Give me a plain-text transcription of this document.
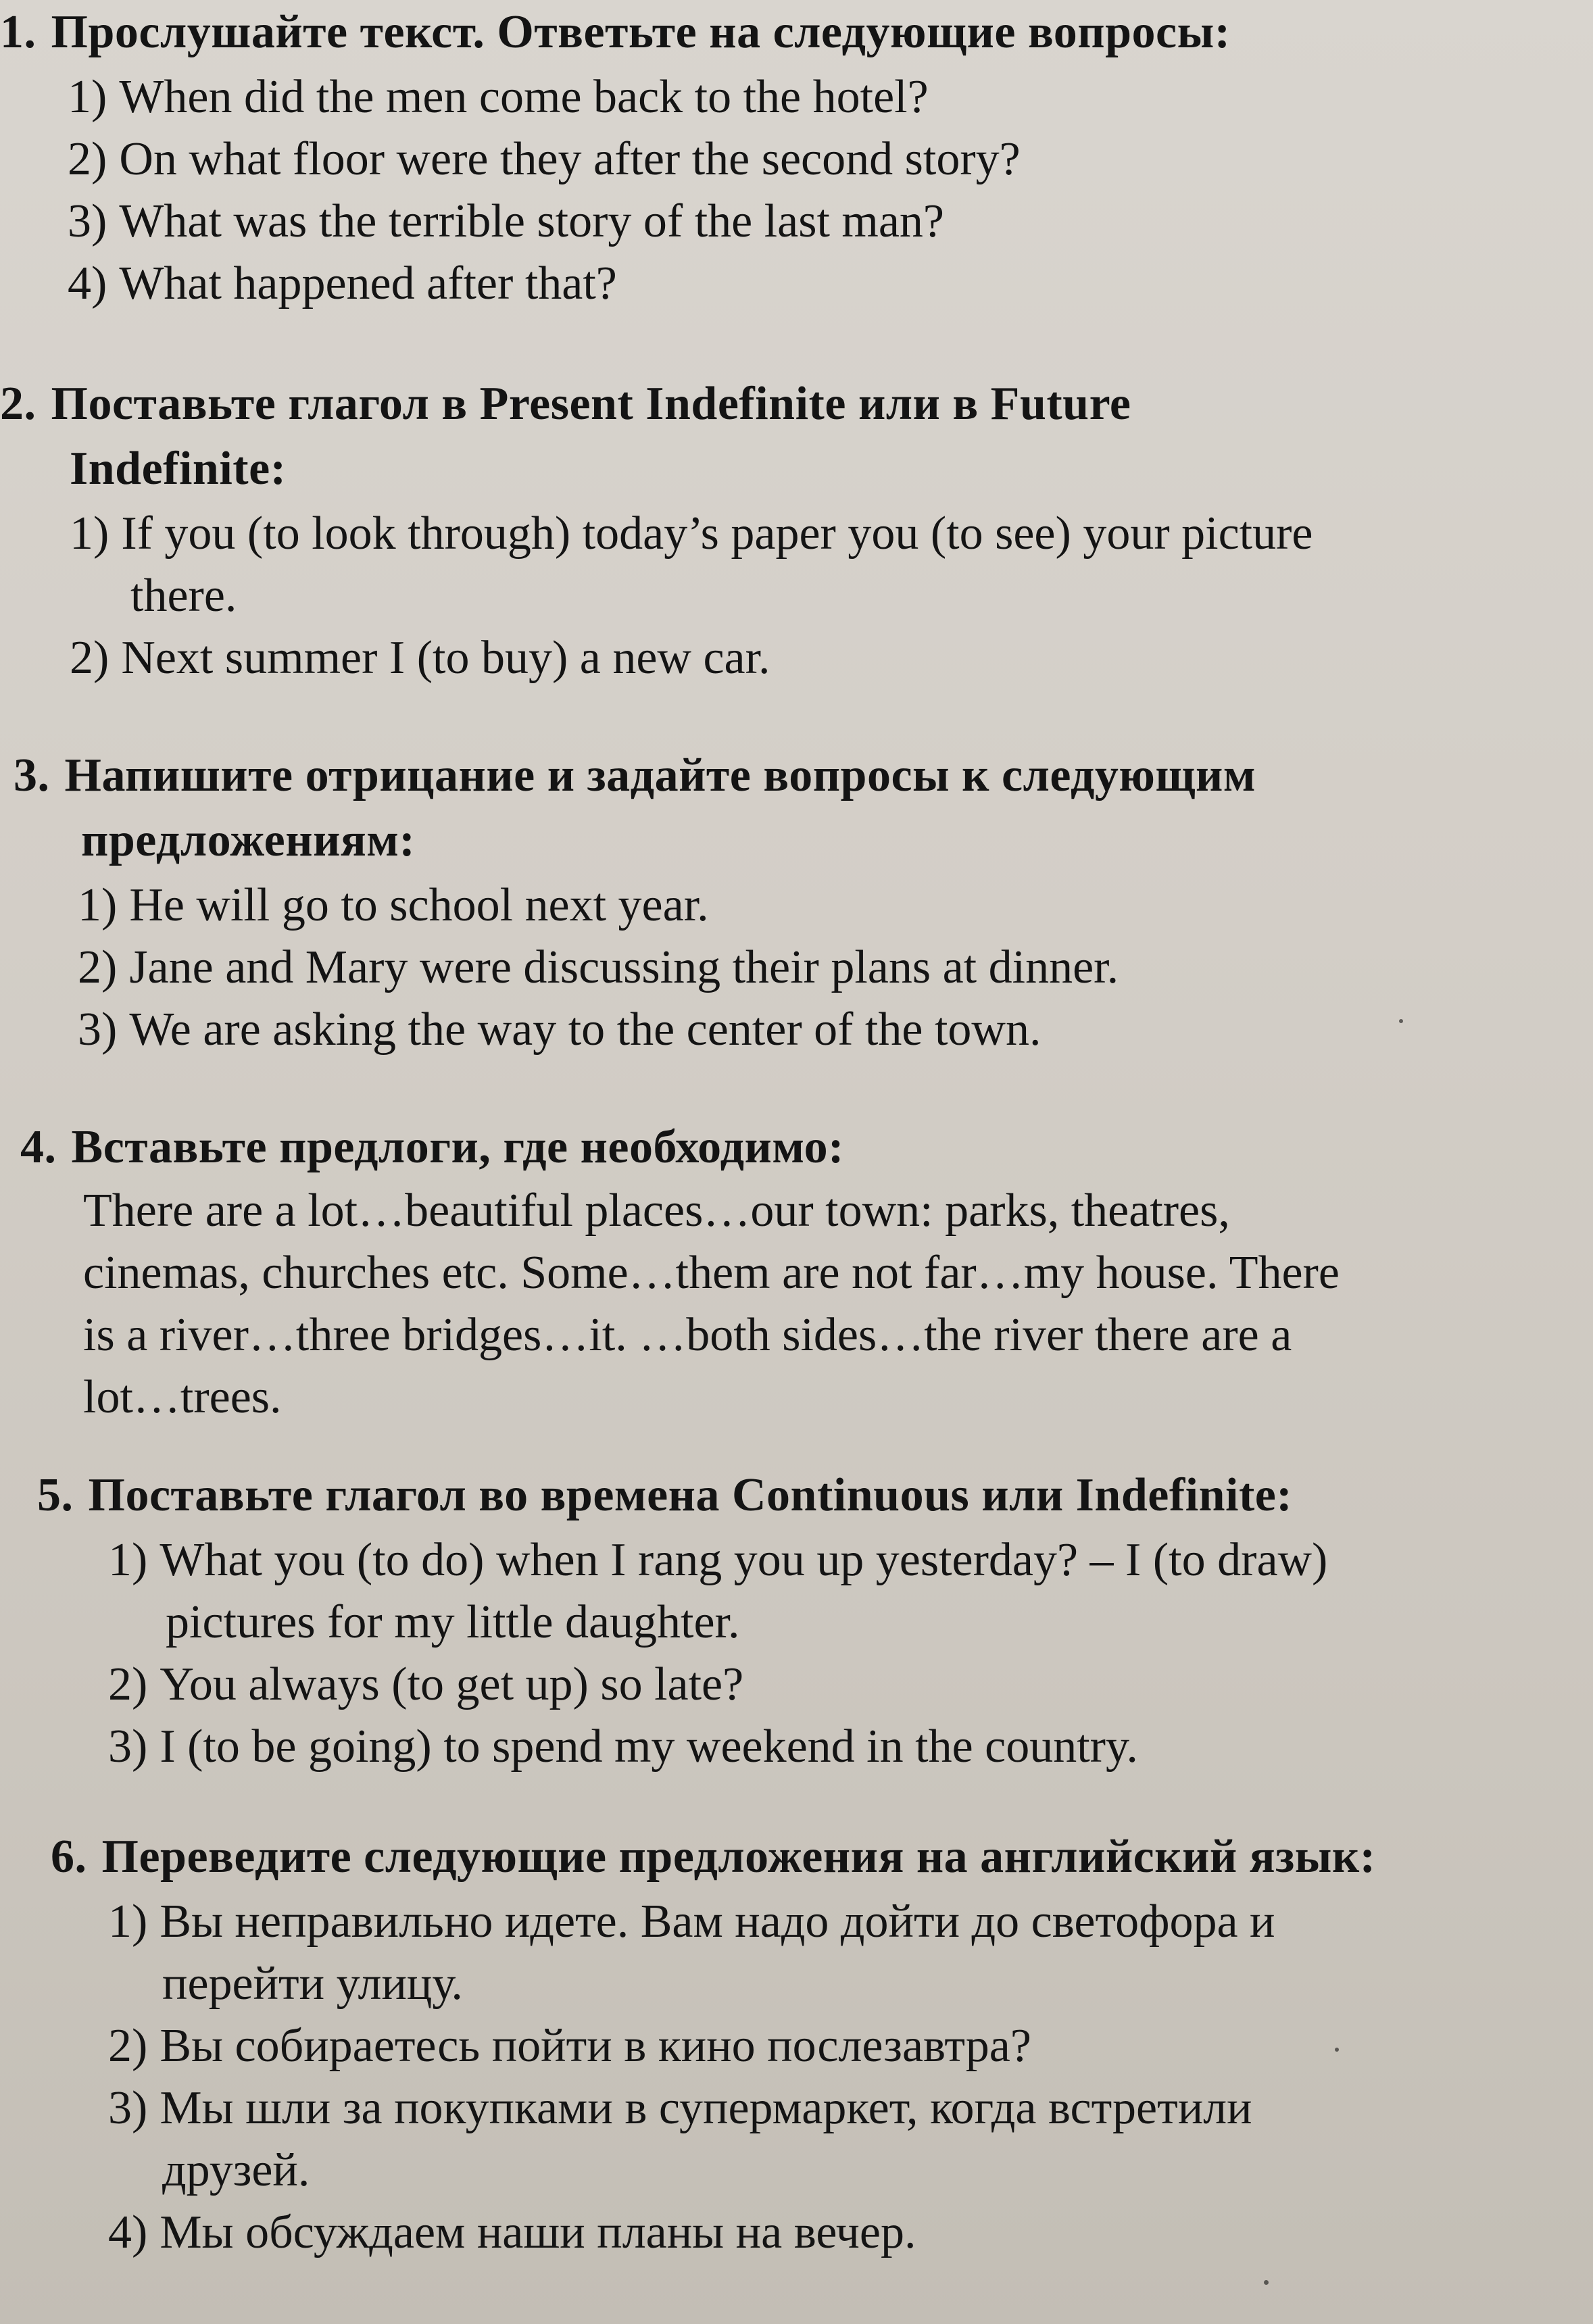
1. Прослушайте текст. Ответьте на следующие вопросы:

1) When did the men come back to the hotel?

2) On what floor were they after the second story?

3) What was the terrible story of the last man?

4) What happened after that?

2. Поставьте глагол в Present Indefinite или в Future
Indefinite:

1) If you (to look through) today’s paper you (to see) your picture
there.

2) Next summer I (to buy) a new car.

3. Напишите отрицание и задайте вопросы к следующим
предложениям:

1) He will go to school next year.

2) Jane and Mary were discussing their plans at dinner.

3) We are asking the way to the center of the town.

4. Вставьте предлоги, где необходимо:

There are a lot…beautiful places…our town: parks, theatres,

cinemas, churches etc. Some…them are not far…my house. There

is a river…three bridges…it. …both sides…the river there are a

lot…trees.

5. Поставьте глагол во времена Continuous или Indefinite:

1) What you (to do) when I rang you up yesterday? – I (to draw)
pictures for my little daughter.

2) You always (to get up) so late?

3) I (to be going) to spend my weekend in the country.

6. Переведите следующие предложения на английский язык:

1) Вы неправильно идете. Вам надо дойти до светофора и
перейти улицу.

2) Вы собираетесь пойти в кино послезавтра?

3) Мы шли за покупками в супермаркет, когда встретили
друзей.

4) Мы обсуждаем наши планы на вечер.
